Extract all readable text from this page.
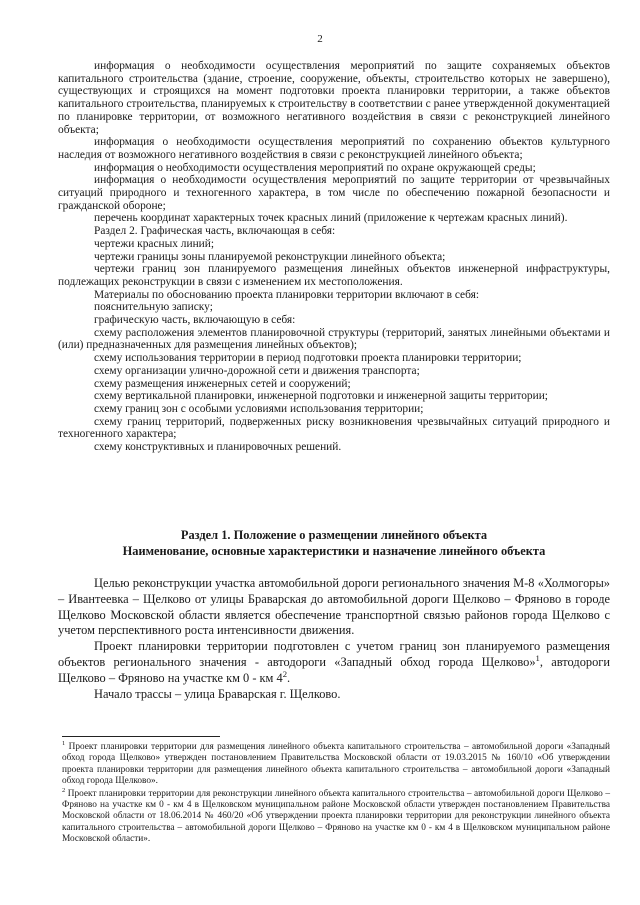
2

информация о необходимости осуществления мероприятий по защите сохраняемых объектов капитального строительства (здание, строение, сооружение, объекты, строительство которых не завершено), существующих и строящихся на момент подготовки проекта планировки территории, а также объектов капитального строительства, планируемых к строительству в соответствии с ранее утвержденной документацией по планировке территории, от возможного негативного воздействия в связи с реконструкцией линейного объекта;

информация о необходимости осуществления мероприятий по сохранению объектов культурного наследия от возможного негативного воздействия в связи с реконструкцией линейного объекта;

информация о необходимости осуществления мероприятий по охране окружающей среды;

информация о необходимости осуществления мероприятий по защите территории от чрезвычайных ситуаций природного и техногенного характера, в том числе по обеспечению пожарной безопасности и гражданской обороне;

перечень координат характерных точек красных линий (приложение к чертежам красных линий).

Раздел 2. Графическая часть, включающая в себя:

чертежи красных линий;

чертежи границы зоны планируемой реконструкции линейного объекта;

чертежи границ зон планируемого размещения линейных объектов инженерной инфраструктуры, подлежащих реконструкции в связи с изменением их местоположения.

Материалы по обоснованию проекта планировки территории включают в себя:

пояснительную записку;

графическую часть, включающую в себя:

схему расположения элементов планировочной структуры (территорий, занятых линейными объектами и (или) предназначенных для размещения линейных объектов);

схему использования территории в период подготовки проекта планировки территории;

схему организации улично-дорожной сети и движения транспорта;

схему размещения инженерных сетей и сооружений;

схему вертикальной планировки, инженерной подготовки и инженерной защиты территории;

схему границ зон с особыми условиями использования территории;

схему границ территорий, подверженных риску возникновения чрезвычайных ситуаций природного и техногенного характера;

схему конструктивных и планировочных решений.

Раздел 1. Положение о размещении линейного объекта
Наименование, основные характеристики и назначение линейного объекта

Целью реконструкции участка автомобильной дороги регионального значения М-8 «Холмогоры» – Ивантеевка – Щелково от улицы Браварская до автомобильной дороги Щелково – Фряново в городе Щелково Московской области является обеспечение транспортной связью районов города Щелково с учетом перспективного роста интенсивности движения.

Проект планировки территории подготовлен с учетом границ зон планируемого размещения объектов регионального значения - автодороги «Западный обход города Щелково»$^1$, автодороги Щелково – Фряново на участке км 0 - км $4^2$.

Начало трассы – улица Браварская г. Щелково.

$^1$ Проект планировки территории для размещения линейного объекта капитального строительства – автомобильной дороги «Западный обход города Щелково» утвержден постановлением Правительства Московской области от 19.03.2015 № 160/10 «Об утверждении проекта планировки территории для размещения линейного объекта капитального строительства – автомобильной дороги «Западный обход города Щелково».

$^2$ Проект планировки территории для реконструкции линейного объекта капитального строительства – автомобильной дороги Щелково – Фряново на участке км 0 - км 4 в Щелковском муниципальном районе Московской области утвержден постановлением Правительства Московской области от 18.06.2014 № 460/20 «Об утверждении проекта планировки территории для реконструкции линейного объекта капитального строительства – автомобильной дороги Щелково – Фряново на участке км 0 - км 4 в Щелковском муниципальном районе Московской области».
